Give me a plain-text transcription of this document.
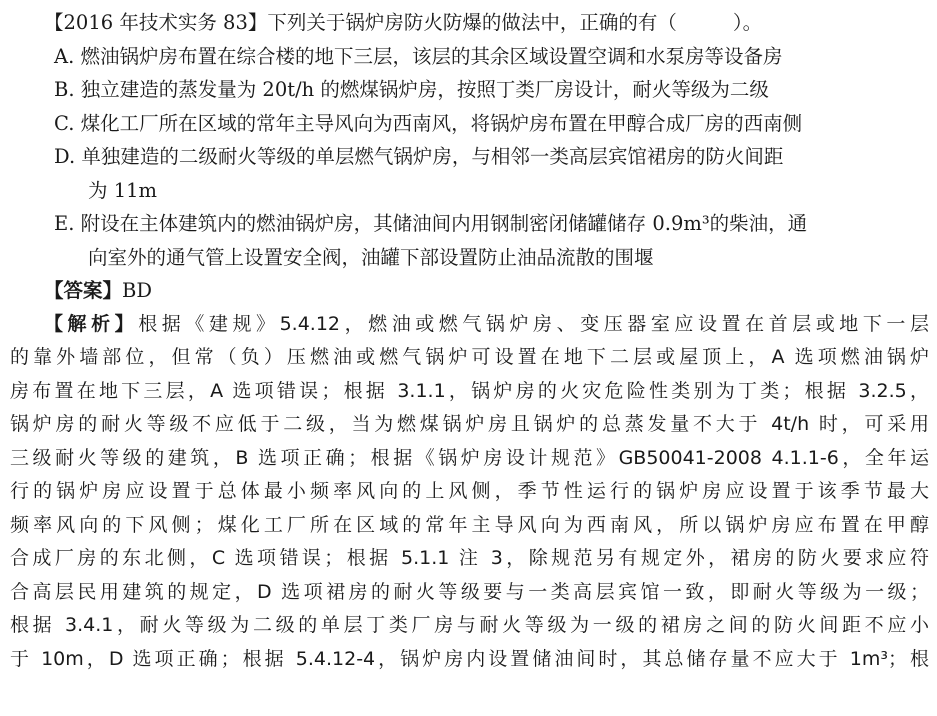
【2016 年技术实务 83】下列关于锅炉房防火防爆的做法中，正确的有（	）。
A. 燃油锅炉房布置在综合楼的地下三层，该层的其余区域设置空调和水泵房等设备房
B. 独立建造的蒸发量为 20t/h 的燃煤锅炉房，按照丁类厂房设计，耐火等级为二级
C. 煤化工厂所在区域的常年主导风向为西南风，将锅炉房布置在甲醇合成厂房的西南侧
D. 单独建造的二级耐火等级的单层燃气锅炉房，与相邻一类高层宾馆裙房的防火间距
为 11m
E. 附设在主体建筑内的燃油锅炉房，其储油间内用钢制密闭储罐储存 0.9m³的柴油，通
向室外的通气管上设置安全阀，油罐下部设置防止油品流散的围堰
【答案】BD
【解析】根据《建规》5.4.12，燃油或燃气锅炉房、变压器室应设置在首层或地下一层
的靠外墙部位，但常（负）压燃油或燃气锅炉可设置在地下二层或屋顶上，A 选项燃油锅炉
房布置在地下三层，A 选项错误；根据 3.1.1，锅炉房的火灾危险性类别为丁类；根据 3.2.5，
锅炉房的耐火等级不应低于二级，当为燃煤锅炉房且锅炉的总蒸发量不大于 4t/h 时，可采用
三级耐火等级的建筑，B 选项正确；根据《锅炉房设计规范》GB50041-2008 4.1.1-6，全年运
行的锅炉房应设置于总体最小频率风向的上风侧，季节性运行的锅炉房应设置于该季节最大
频率风向的下风侧；煤化工厂所在区域的常年主导风向为西南风，所以锅炉房应布置在甲醇
合成厂房的东北侧，C 选项错误；根据 5.1.1 注 3，除规范另有规定外，裙房的防火要求应符
合高层民用建筑的规定，D 选项裙房的耐火等级要与一类高层宾馆一致，即耐火等级为一级；
根据 3.4.1，耐火等级为二级的单层丁类厂房与耐火等级为一级的裙房之间的防火间距不应小
于 10m，D 选项正确；根据 5.4.12-4，锅炉房内设置储油间时，其总储存量不应大于 1m³；根
